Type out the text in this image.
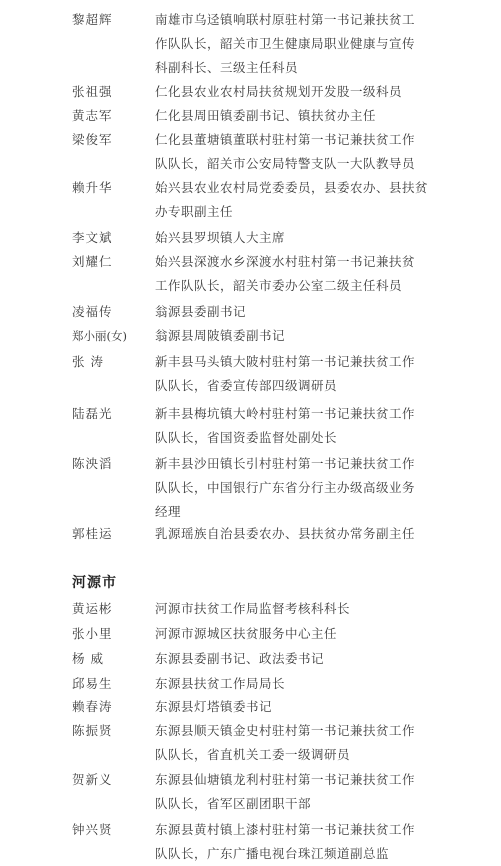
黎超辉	南雄市乌迳镇响联村原驻村第一书记兼扶贫工
作队队长，韶关市卫生健康局职业健康与宣传
科副科长、三级主任科员
张祖强	仁化县农业农村局扶贫规划开发股一级科员
黄志军	仁化县周田镇委副书记、镇扶贫办主任
梁俊军	仁化县董塘镇董联村驻村第一书记兼扶贫工作
队队长，韶关市公安局特警支队一大队教导员
赖升华	始兴县农业农村局党委委员，县委农办、县扶贫
办专职副主任
李文斌	始兴县罗坝镇人大主席
刘耀仁	始兴县深渡水乡深渡水村驻村第一书记兼扶贫
工作队队长，韶关市委办公室二级主任科员
凌福传	翁源县委副书记
郑小丽(女) 翁源县周陂镇委副书记
张 涛	新丰县马头镇大陂村驻村第一书记兼扶贫工作
队队长，省委宣传部四级调研员
陆磊光	新丰县梅坑镇大岭村驻村第一书记兼扶贫工作
队队长，省国资委监督处副处长
陈泱滔	新丰县沙田镇长引村驻村第一书记兼扶贫工作
队队长，中国银行广东省分行主办级高级业务
经理
郭桂运	乳源瑶族自治县委农办、县扶贫办常务副主任
河源市
黄运彬	河源市扶贫工作局监督考核科科长
张小里	河源市源城区扶贫服务中心主任
杨 威	东源县委副书记、政法委书记
邱易生	东源县扶贫工作局局长
赖春涛	东源县灯塔镇委书记
陈振贤	东源县顺天镇金史村驻村第一书记兼扶贫工作
队队长，省直机关工委一级调研员
贺新义	东源县仙塘镇龙利村驻村第一书记兼扶贫工作
队队长，省军区副团职干部
钟兴贤	东源县黄村镇上漆村驻村第一书记兼扶贫工作
队队长，广东广播电视台珠江频道副总监
